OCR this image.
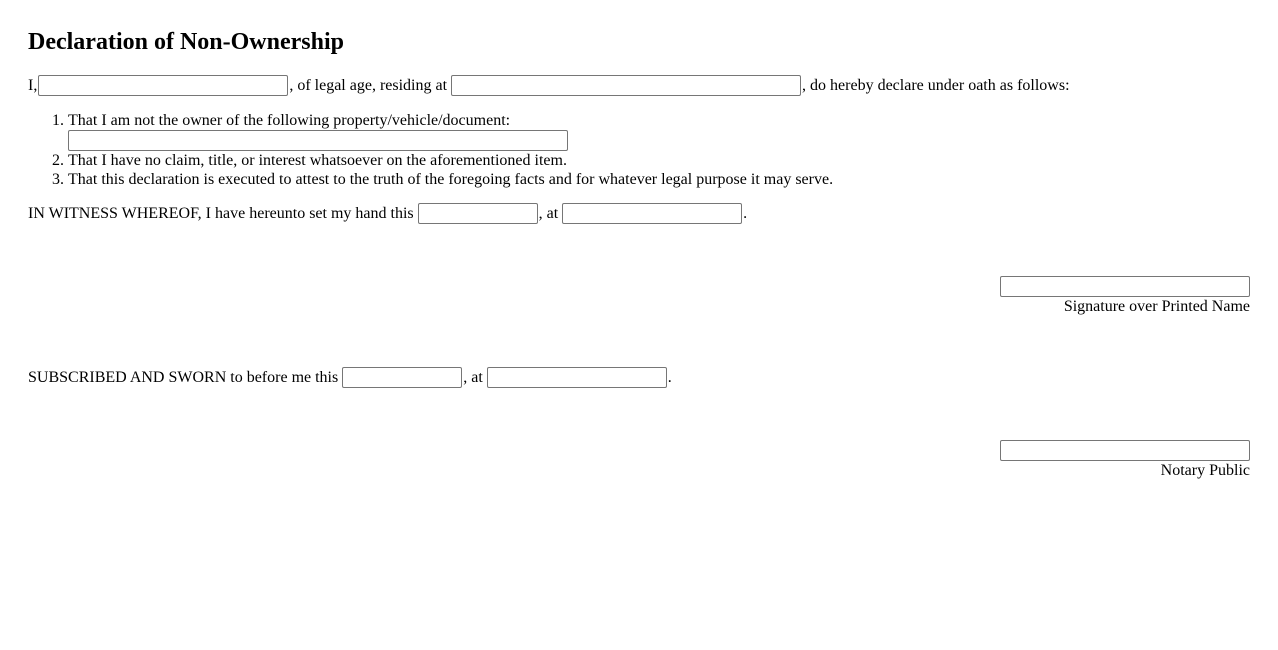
Declaration of Non-Ownership
I,	, of legal age, residing at	, do hereby declare under oath as follows:
1. That I am not the owner of the following property/vehicle/document:
2. That I have no claim, title, or interest whatsoever on the aforementioned item.
3. That this declaration is executed to attest to the truth of the foregoing facts and for whatever legal purpose it may serve.
IN WITNESS WHEREOF, I have hereunto set my hand this	, at	.
Signature over Printed Name
SUBSCRIBED AND SWORN to before me this	, at	.
Notary Public
